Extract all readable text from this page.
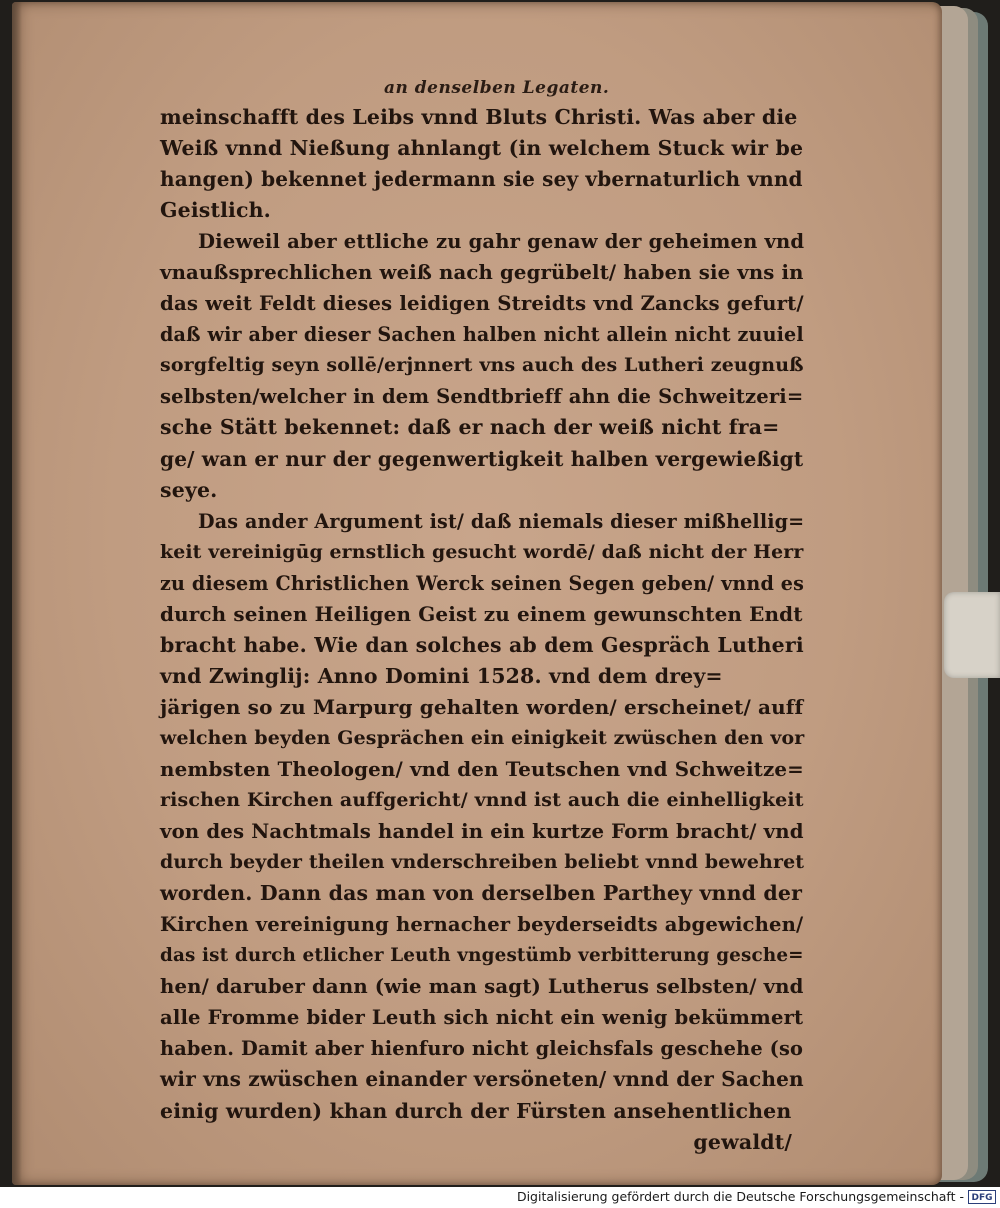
an denselben Legaten.
meinschafft des Leibs vnnd Bluts Christi. Was aber die
Weiß vnnd Nießung ahnlangt (in welchem Stuck wir be
hangen) bekennet jedermann sie sey vbernaturlich vnnd
Geistlich.
Dieweil aber ettliche zu gahr genaw der geheimen vnd
vnaußsprechlichen weiß nach gegrübelt/ haben sie vns in
das weit Feldt dieses leidigen Streidts vnd Zancks gefurt/
daß wir aber dieser Sachen halben nicht allein nicht zuuiel
sorgfeltig seyn sollē/erjnnert vns auch des Lutheri zeugnuß
selbsten/welcher in dem Sendtbrieff ahn die Schweitzeri=
sche Stätt bekennet: daß er nach der weiß nicht fra=
ge/ wan er nur der gegenwertigkeit halben vergewießigt
seye.
Das ander Argument ist/ daß niemals dieser mißhellig=
keit vereinigūg ernstlich gesucht wordē/ daß nicht der Herr
zu diesem Christlichen Werck seinen Segen geben/ vnnd es
durch seinen Heiligen Geist zu einem gewunschten Endt
bracht habe. Wie dan solches ab dem Gespräch Lutheri
vnd Zwinglij: Anno Domini 1528. vnd dem drey=
järigen so zu Marpurg gehalten worden/ erscheinet/ auff
welchen beyden Gesprächen ein einigkeit zwüschen den vor
nembsten Theologen/ vnd den Teutschen vnd Schweitze=
rischen Kirchen auffgericht/ vnnd ist auch die einhelligkeit
von des Nachtmals handel in ein kurtze Form bracht/ vnd
durch beyder theilen vnderschreiben beliebt vnnd bewehret
worden. Dann das man von derselben Parthey vnnd der
Kirchen vereinigung hernacher beyderseidts abgewichen/
das ist durch etlicher Leuth vngestümb verbitterung gesche=
hen/ daruber dann (wie man sagt) Lutherus selbsten/ vnd
alle Fromme bider Leuth sich nicht ein wenig bekümmert
haben. Damit aber hienfuro nicht gleichsfals geschehe (so
wir vns zwüschen einander versöneten/ vnnd der Sachen
einig wurden) khan durch der Fürsten ansehentlichen
gewaldt/
Digitalisierung gefördert durch die Deutsche Forschungsgemeinschaft - DFG
